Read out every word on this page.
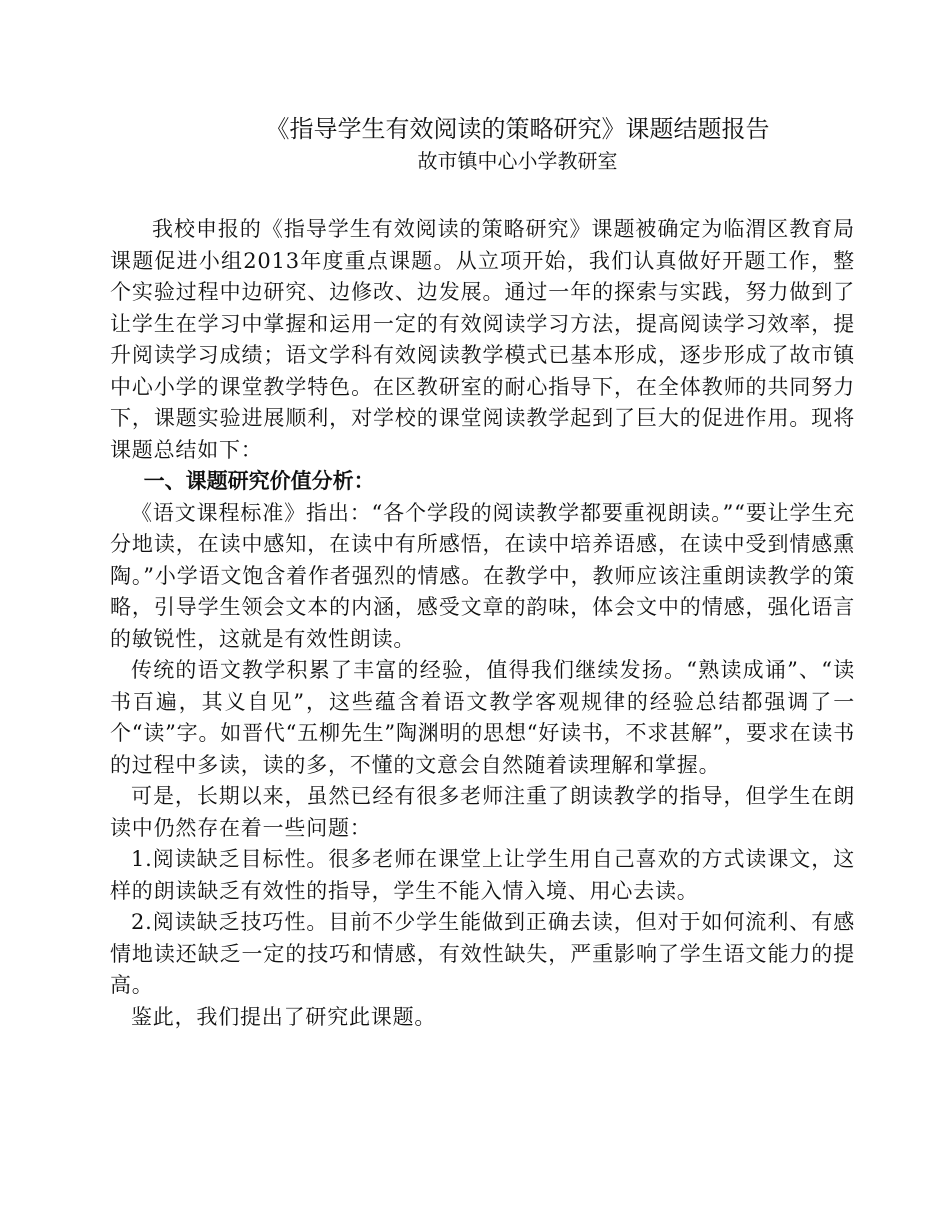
《指导学生有效阅读的策略研究》课题结题报告

故市镇中心小学教研室

我校申报的《指导学生有效阅读的策略研究》课题被确定为临渭区教育局课题促进小组2013年度重点课题。从立项开始，我们认真做好开题工作，整个实验过程中边研究、边修改、边发展。通过一年的探索与实践，努力做到了让学生在学习中掌握和运用一定的有效阅读学习方法，提高阅读学习效率，提升阅读学习成绩；语文学科有效阅读教学模式已基本形成，逐步形成了故市镇中心小学的课堂教学特色。在区教研室的耐心指导下，在全体教师的共同努力下，课题实验进展顺利，对学校的课堂阅读教学起到了巨大的促进作用。现将课题总结如下：

一、课题研究价值分析：

《语文课程标准》指出：“各个学段的阅读教学都要重视朗读。”“要让学生充分地读，在读中感知，在读中有所感悟，在读中培养语感，在读中受到情感熏陶。”小学语文饱含着作者强烈的情感。在教学中，教师应该注重朗读教学的策略，引导学生领会文本的内涵，感受文章的韵味，体会文中的情感，强化语言的敏锐性，这就是有效性朗读。

传统的语文教学积累了丰富的经验，值得我们继续发扬。“熟读成诵”、“读书百遍，其义自见”，这些蕴含着语文教学客观规律的经验总结都强调了一个“读”字。如晋代“五柳先生”陶渊明的思想“好读书，不求甚解”，要求在读书的过程中多读，读的多，不懂的文意会自然随着读理解和掌握。

可是，长期以来，虽然已经有很多老师注重了朗读教学的指导，但学生在朗读中仍然存在着一些问题：

1.阅读缺乏目标性。很多老师在课堂上让学生用自己喜欢的方式读课文，这样的朗读缺乏有效性的指导，学生不能入情入境、用心去读。

2.阅读缺乏技巧性。目前不少学生能做到正确去读，但对于如何流利、有感情地读还缺乏一定的技巧和情感，有效性缺失，严重影响了学生语文能力的提高。

鉴此，我们提出了研究此课题。
